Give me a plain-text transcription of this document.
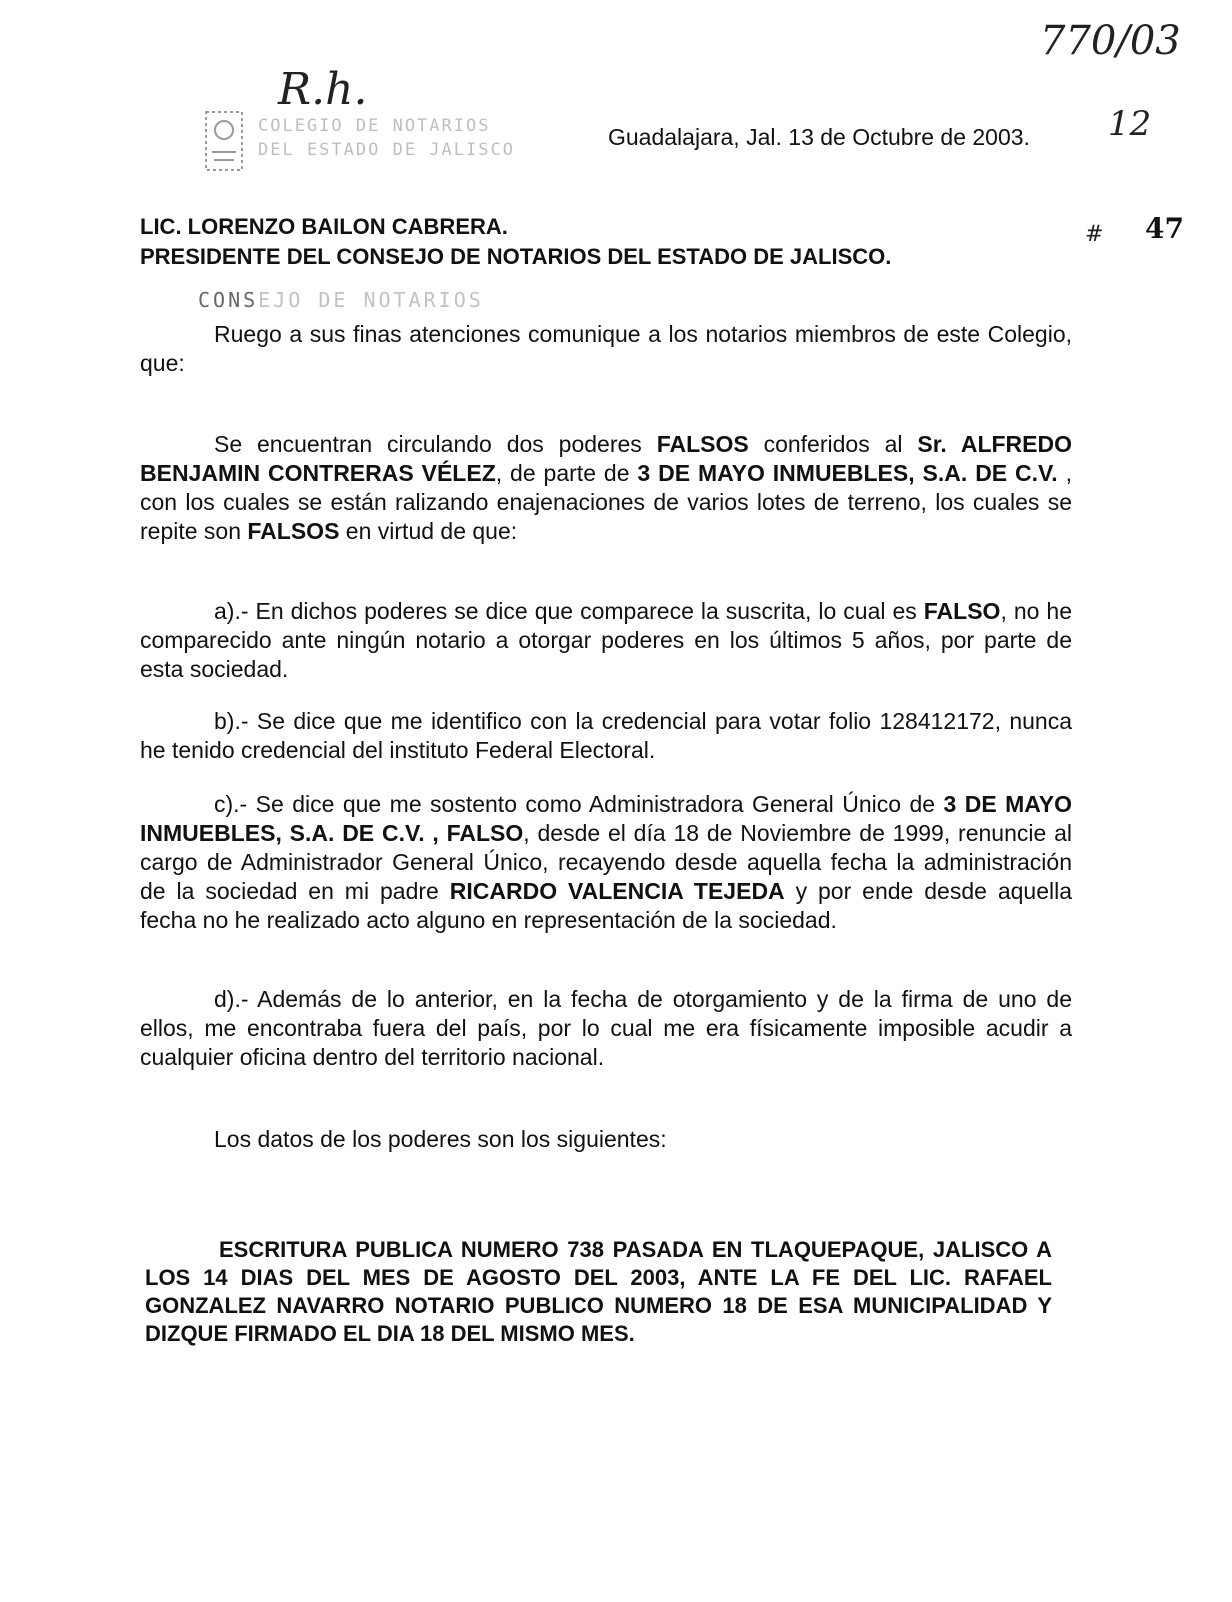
770/03
12
COLEGIO DE NOTARIOS
DEL ESTADO DE JALISCO
R.h.
Guadalajara, Jal. 13 de Octubre de 2003.
LIC. LORENZO BAILON CABRERA.
PRESIDENTE DEL CONSEJO DE NOTARIOS DEL ESTADO DE JALISCO.
# 47
CONSEJO DE NOTARIOS
Ruego a sus finas atenciones comunique a los notarios miembros de este Colegio, que:
Se encuentran circulando dos poderes FALSOS conferidos al Sr. ALFREDO BENJAMIN CONTRERAS VÉLEZ, de parte de 3 DE MAYO INMUEBLES, S.A. DE C.V. , con los cuales se están ralizando enajenaciones de varios lotes de terreno, los cuales se repite son FALSOS en virtud de que:
a).- En dichos poderes se dice que comparece la suscrita, lo cual es FALSO, no he comparecido ante ningún notario a otorgar poderes en los últimos 5 años, por parte de esta sociedad.
b).- Se dice que me identifico con la credencial para votar folio 128412172, nunca he tenido credencial del instituto Federal Electoral.
c).- Se dice que me sostento como Administradora General Único de 3 DE MAYO INMUEBLES, S.A. DE C.V. , FALSO, desde el día 18 de Noviembre de 1999, renuncie al cargo de Administrador General Único, recayendo desde aquella fecha la administración de la sociedad en mi padre RICARDO VALENCIA TEJEDA y por ende desde aquella fecha no he realizado acto alguno en representación de la sociedad.
d).- Además de lo anterior, en la fecha de otorgamiento y de la firma de uno de ellos, me encontraba fuera del país, por lo cual me era físicamente imposible acudir a cualquier oficina dentro del territorio nacional.
Los datos de los poderes son los siguientes:
ESCRITURA PUBLICA NUMERO 738 PASADA EN TLAQUEPAQUE, JALISCO A LOS 14 DIAS DEL MES DE AGOSTO DEL 2003, ANTE LA FE DEL LIC. RAFAEL GONZALEZ NAVARRO NOTARIO PUBLICO NUMERO 18 DE ESA MUNICIPALIDAD Y DIZQUE FIRMADO EL DIA 18 DEL MISMO MES.
